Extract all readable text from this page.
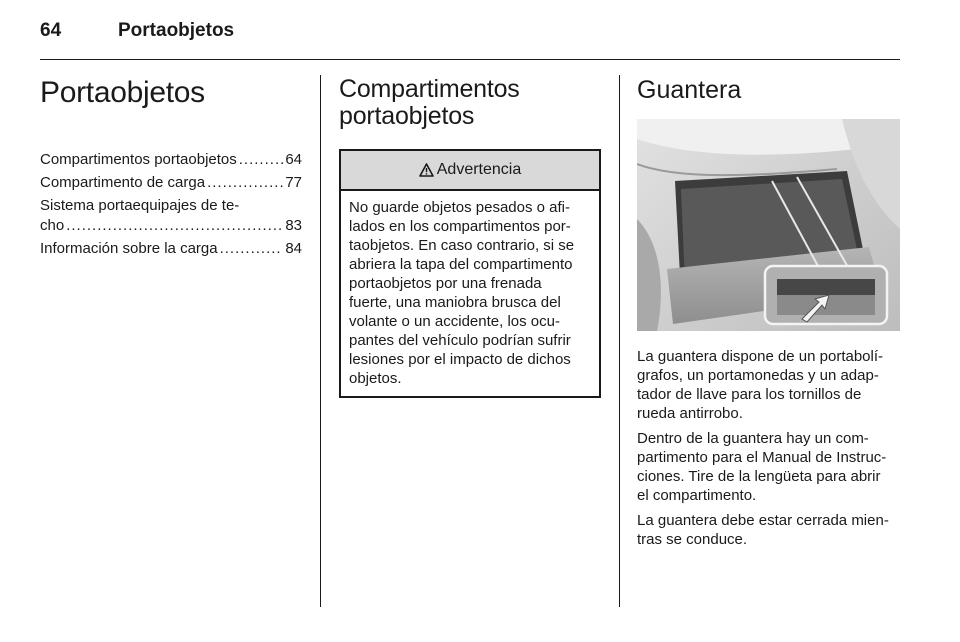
64	Portaobjetos
Portaobjetos
Compartimentos portaobjetos .....	64
Compartimento de carga .....	77
Sistema portaequipajes de te-
cho .....	83
Información sobre la carga .....	84
Compartimentos
portaobjetos
Advertencia
No guarde objetos pesados o afi-
lados en los compartimentos por-
taobjetos. En caso contrario, si se
abriera la tapa del compartimento
portaobjetos por una frenada
fuerte, una maniobra brusca del
volante o un accidente, los ocu-
pantes del vehículo podrían sufrir
lesiones por el impacto de dichos
objetos.
Guantera
La guantera dispone de un portabolí-
grafos, un portamonedas y un adap-
tador de llave para los tornillos de
rueda antirrobo.
Dentro de la guantera hay un com-
partimento para el Manual de Instruc-
ciones. Tire de la lengüeta para abrir
el compartimento.
La guantera debe estar cerrada mien-
tras se conduce.
